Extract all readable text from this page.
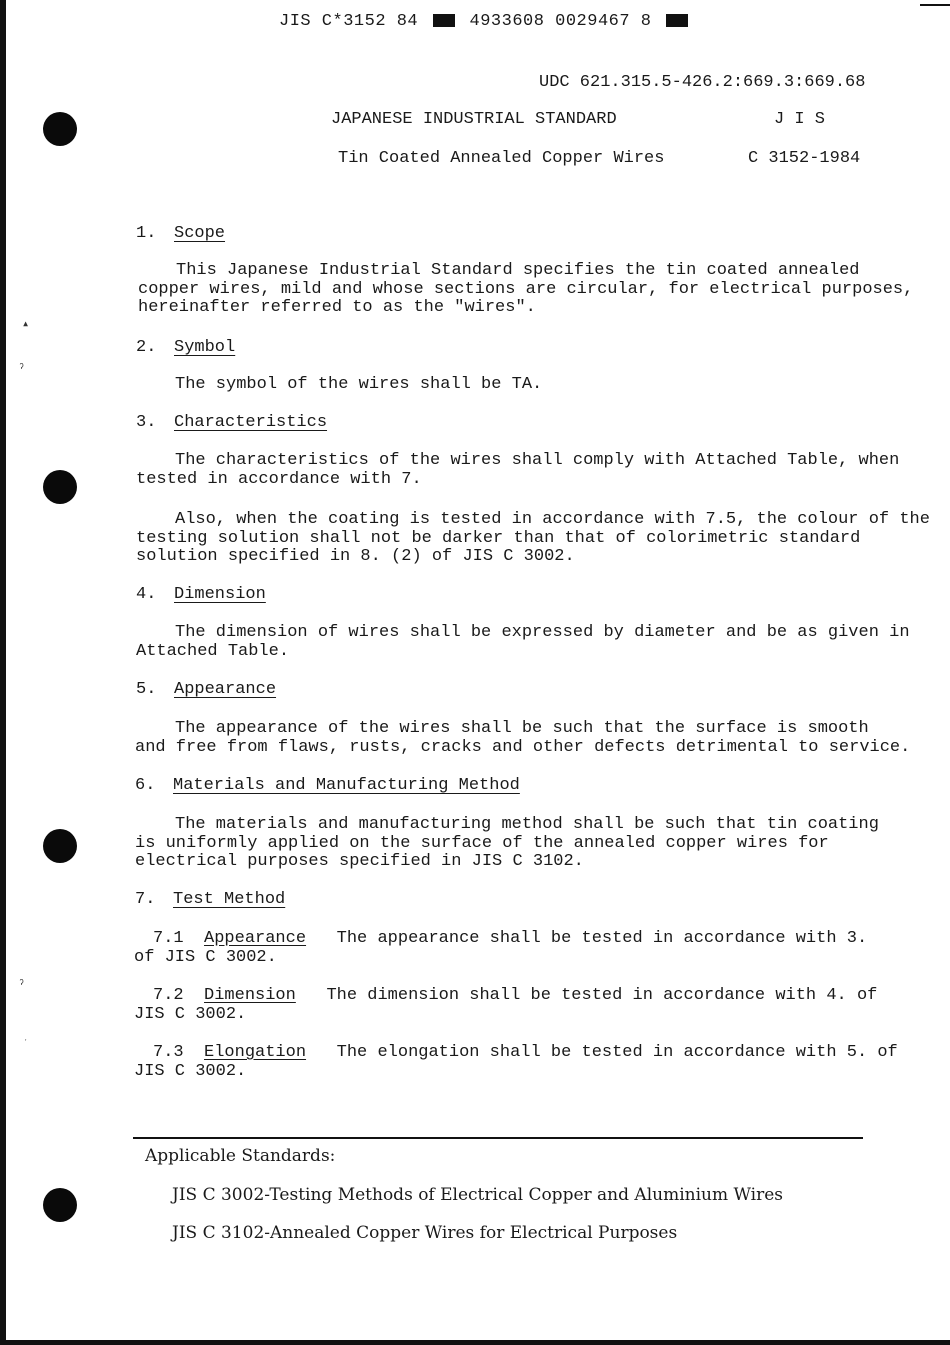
▴
ˀ
ˀ
ˑ
JIS C*3152 84	4933608 0029467 8
UDC 621.315.5-426.2:669.3:669.68
JAPANESE INDUSTRIAL STANDARD	J I S
Tin Coated Annealed Copper Wires	C 3152-1984
1. Scope
This Japanese Industrial Standard specifies the tin coated annealed
copper wires, mild and whose sections are circular, for electrical purposes,
hereinafter referred to as the "wires".
2. Symbol
The symbol of the wires shall be TA.
3. Characteristics
The characteristics of the wires shall comply with Attached Table, when
tested in accordance with 7.
Also, when the coating is tested in accordance with 7.5, the colour of the
testing solution shall not be darker than that of colorimetric standard
solution specified in 8. (2) of JIS C 3002.
4. Dimension
The dimension of wires shall be expressed by diameter and be as given in
Attached Table.
5. Appearance
The appearance of the wires shall be such that the surface is smooth
and free from flaws, rusts, cracks and other defects detrimental to service.
6. Materials and Manufacturing Method
The materials and manufacturing method shall be such that tin coating
is uniformly applied on the surface of the annealed copper wires for
electrical purposes specified in JIS C 3102.
7. Test Method
7.1 Appearance The appearance shall be tested in accordance with 3.
of JIS C 3002.
7.2 Dimension The dimension shall be tested in accordance with 4. of
JIS C 3002.
7.3 Elongation The elongation shall be tested in accordance with 5. of
JIS C 3002.
Applicable Standards:
JIS C 3002-Testing Methods of Electrical Copper and Aluminium Wires
JIS C 3102-Annealed Copper Wires for Electrical Purposes
